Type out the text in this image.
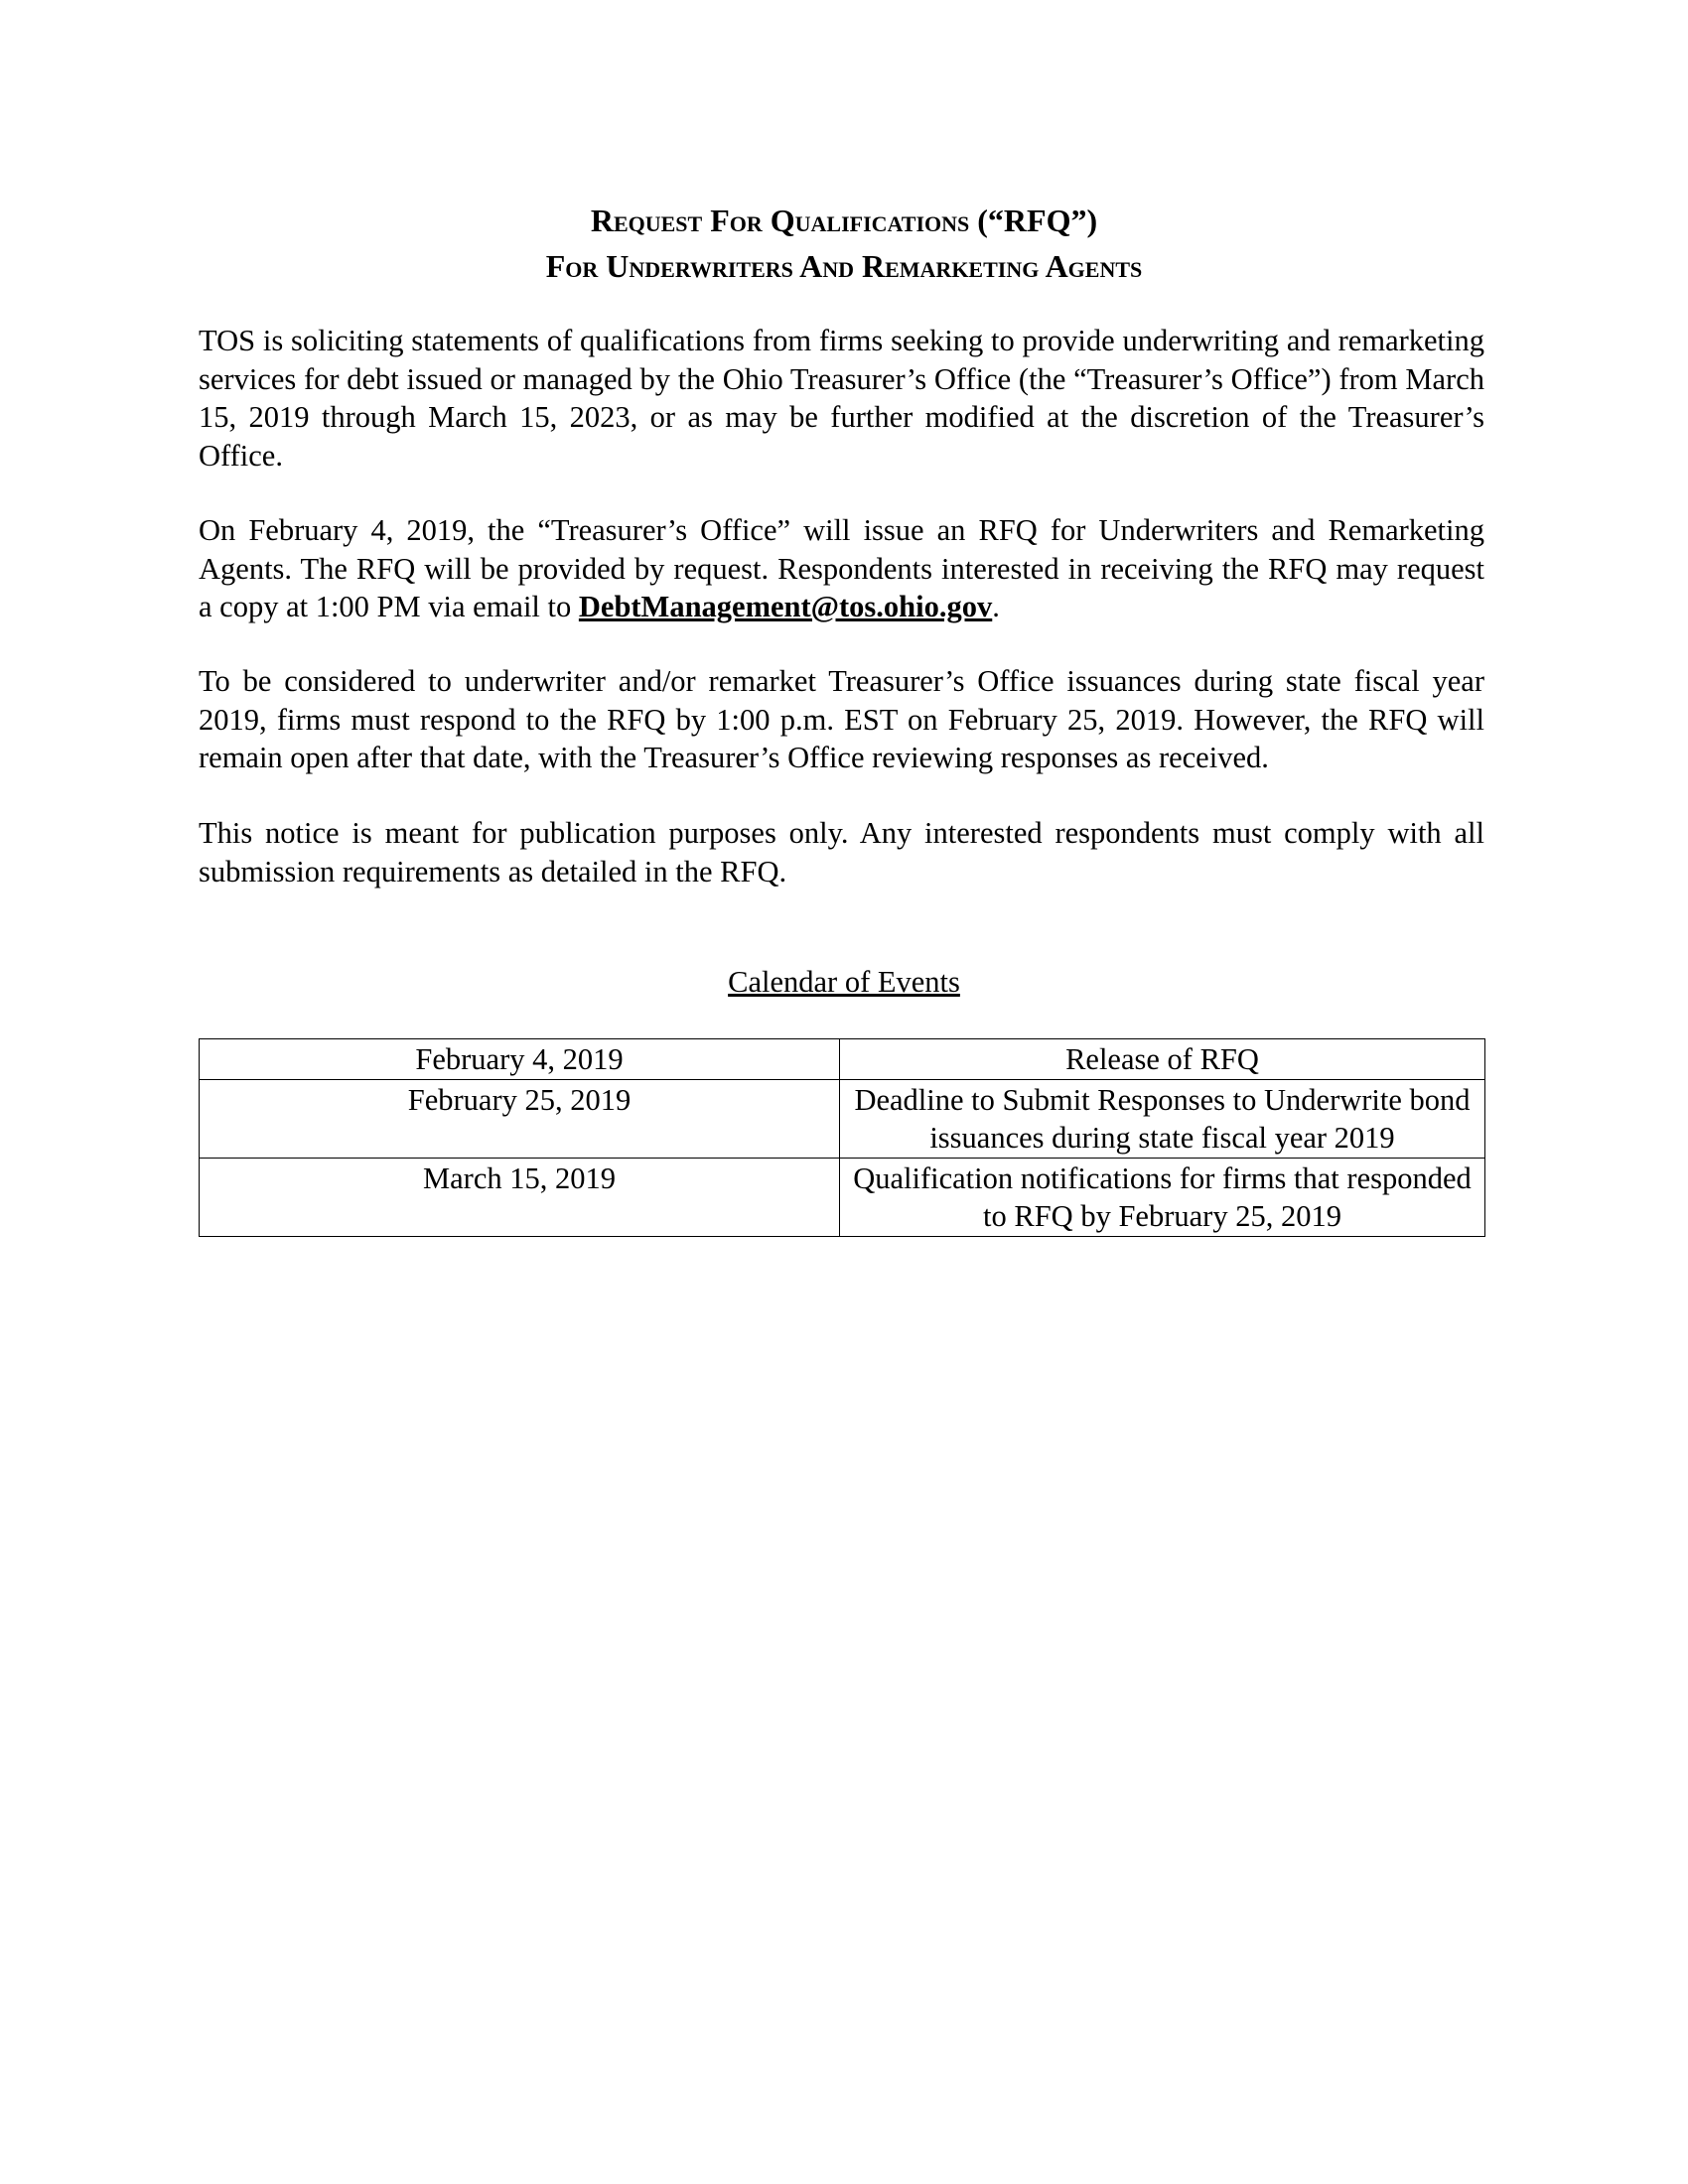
Request For Qualifications (“RFQ”)
For Underwriters And Remarketing Agents

TOS is soliciting statements of qualifications from firms seeking to provide underwriting and remarketing services for debt issued or managed by the Ohio Treasurer’s Office (the “Treasurer’s Office”) from March 15, 2019 through March 15, 2023, or as may be further modified at the discretion of the Treasurer’s Office.

On February 4, 2019, the “Treasurer’s Office” will issue an RFQ for Underwriters and Remarketing Agents. The RFQ will be provided by request. Respondents interested in receiving the RFQ may request a copy at 1:00 PM via email to DebtManagement@tos.ohio.gov.

To be considered to underwriter and/or remarket Treasurer’s Office issuances during state fiscal year 2019, firms must respond to the RFQ by 1:00 p.m. EST on February 25, 2019. However, the RFQ will remain open after that date, with the Treasurer’s Office reviewing responses as received.

This notice is meant for publication purposes only. Any interested respondents must comply with all submission requirements as detailed in the RFQ.

Calendar of Events
February 4, 2019	Release of RFQ
February 25, 2019	Deadline to Submit Responses to Underwrite bond issuances during state fiscal year 2019
March 15, 2019	Qualification notifications for firms that responded to RFQ by February 25, 2019
